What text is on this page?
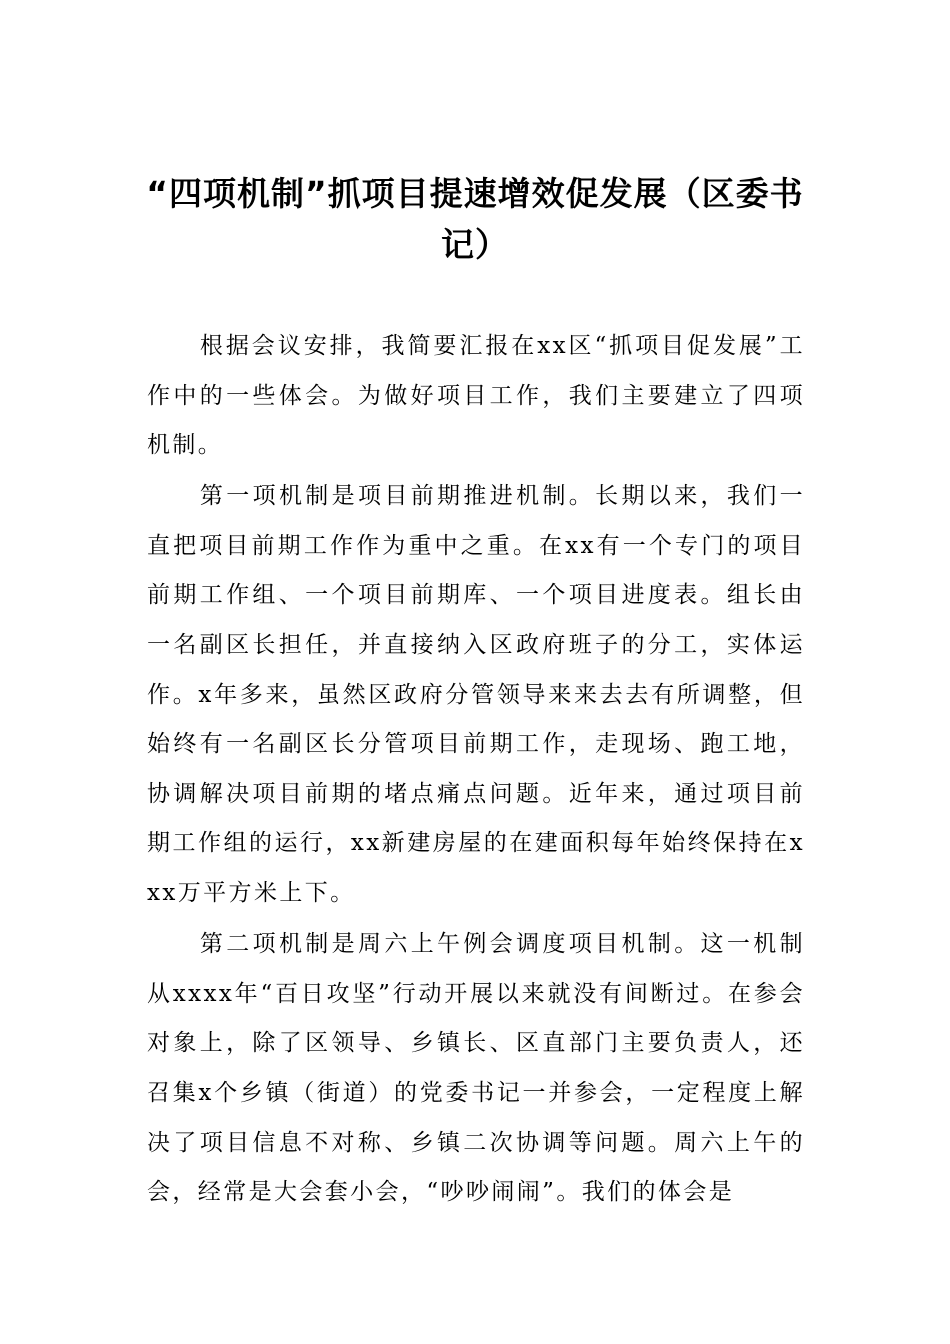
“四项机制”抓项目提速增效促发展（区委书记）

根据会议安排，我简要汇报在xx区“抓项目促发展”工作中的一些体会。为做好项目工作，我们主要建立了四项机制。

第一项机制是项目前期推进机制。长期以来，我们一直把项目前期工作作为重中之重。在xx有一个专门的项目前期工作组、一个项目前期库、一个项目进度表。组长由一名副区长担任，并直接纳入区政府班子的分工，实体运作。x年多来，虽然区政府分管领导来来去去有所调整，但始终有一名副区长分管项目前期工作，走现场、跑工地，协调解决项目前期的堵点痛点问题。近年来，通过项目前期工作组的运行，xx新建房屋的在建面积每年始终保持在xxx万平方米上下。

第二项机制是周六上午例会调度项目机制。这一机制从xxxx年“百日攻坚”行动开展以来就没有间断过。在参会对象上，除了区领导、乡镇长、区直部门主要负责人，还召集x个乡镇（街道）的党委书记一并参会，一定程度上解决了项目信息不对称、乡镇二次协调等问题。周六上午的会，经常是大会套小会，“吵吵闹闹”。我们的体会是
